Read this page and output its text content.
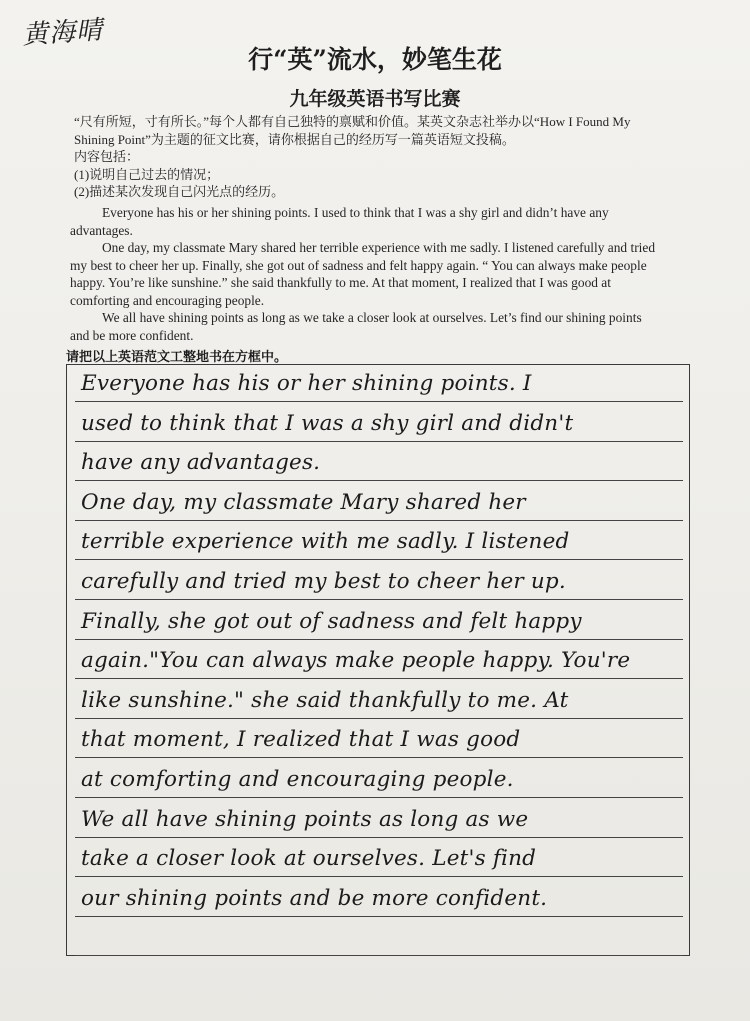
黄海晴
行“英”流水，妙笔生花
九年级英语书写比赛

“尺有所短，寸有所长。”每个人都有自己独特的禀赋和价值。某英文杂志社举办以“How I Found My

Shining Point”为主题的征文比赛，请你根据自己的经历写一篇英语短文投稿。

内容包括：

(1)说明自己过去的情况；

(2)描述某次发现自己闪光点的经历。

Everyone has his or her shining points. I used to think that I was a shy girl and didn’t have any advantages.

One day, my classmate Mary shared her terrible experience with me sadly. I listened carefully and tried my best to cheer her up. Finally, she got out of sadness and felt happy again. “ You can always make people happy. You’re like sunshine.” she said thankfully to me. At that moment, I realized that I was good at comforting and encouraging people.

We all have shining points as long as we take a closer look at ourselves. Let’s find our shining points and be more confident.

请把以上英语范文工整地书在方框中。
Everyone has his or her shining points. I
used to think that I was a shy girl and didn't
have any advantages.
One day, my classmate Mary shared her
terrible experience with me sadly. I listened
carefully and tried my best to cheer her up.
Finally, she got out of sadness and felt happy
again."You can always make people happy. You're
like sunshine." she said thankfully to me. At
that moment, I realized that I was good
at comforting and encouraging people.
We all have shining points as long as we
take a closer look at ourselves. Let's find
our shining points and be more confident.
